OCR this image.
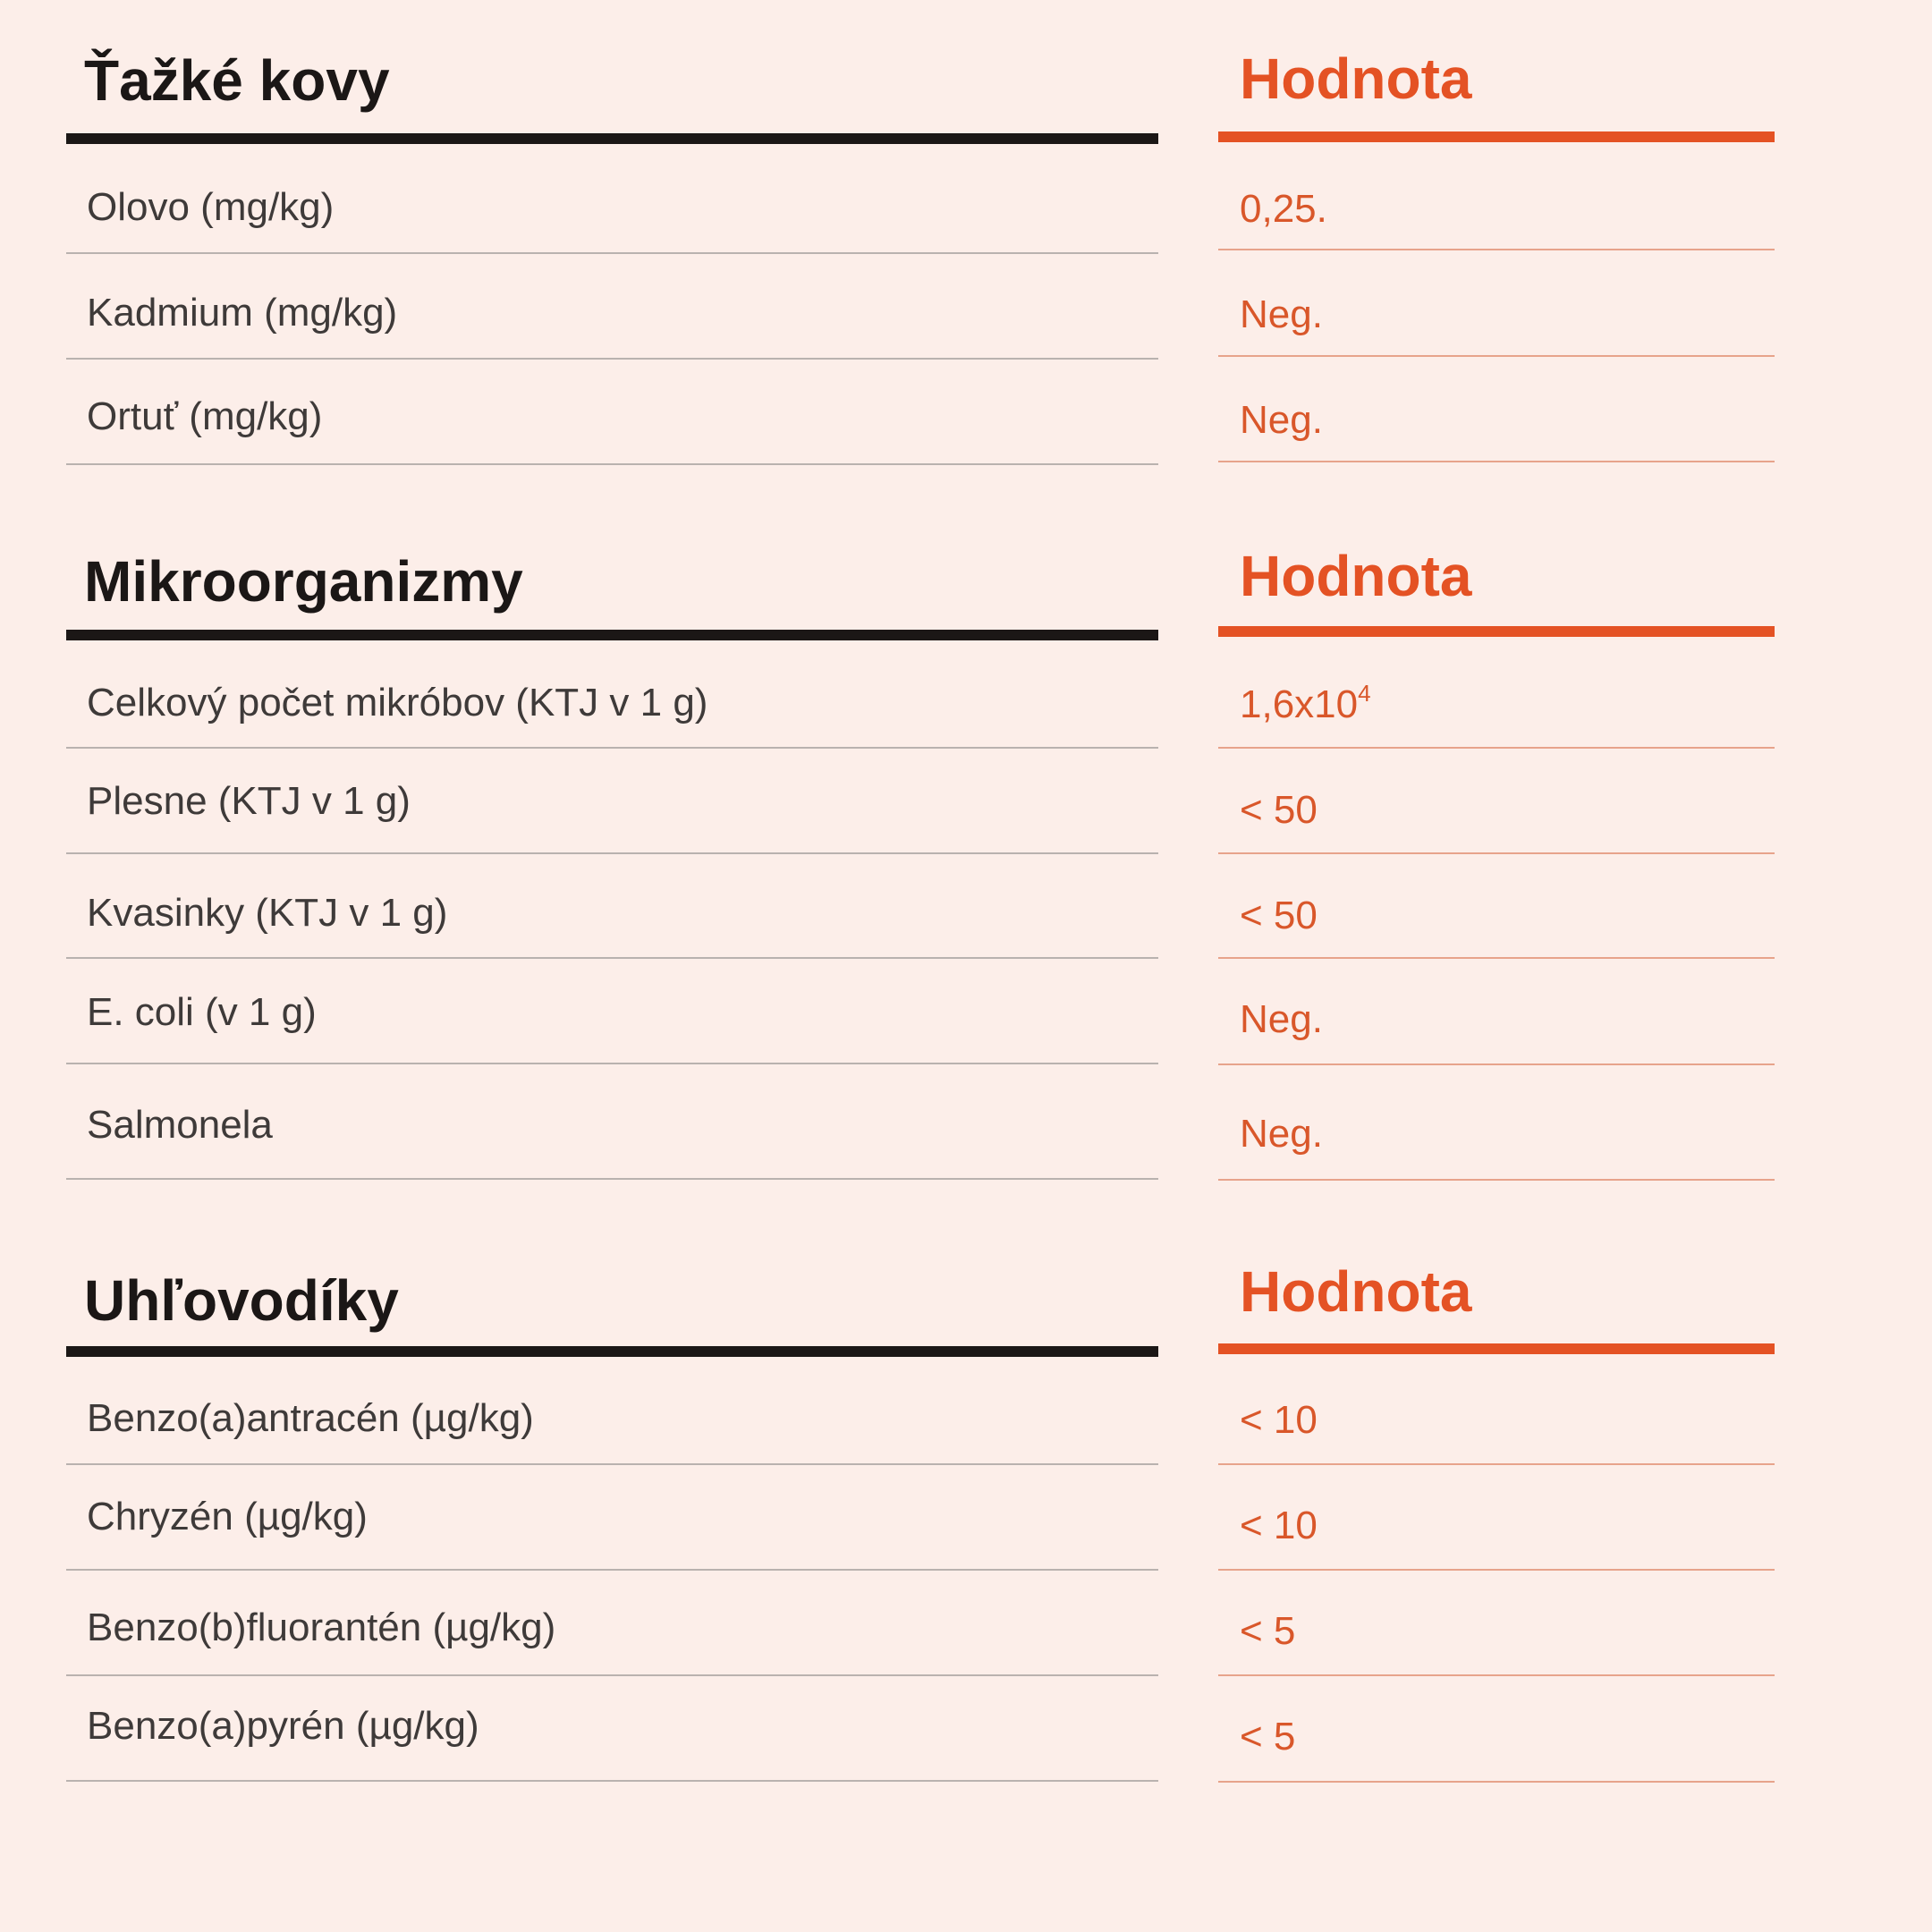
Ťažké kovy
Olovo (mg/kg)
Kadmium (mg/kg)
Ortuť (mg/kg)
Hodnota
0,25.
Neg.
Neg.
Mikroorganizmy
Celkový počet mikróbov (KTJ v 1 g)
Plesne (KTJ v 1 g)
Kvasinky (KTJ v 1 g)
E. coli (v 1 g)
Salmonela
Hodnota
$1,6x10^4$
< 50
< 50
Neg.
Neg.
Uhľovodíky
Benzo(a)antracén (µg/kg)
Chryzén (µg/kg)
Benzo(b)fluorantén (µg/kg)
Benzo(a)pyrén (µg/kg)
Hodnota
< 10
< 10
< 5
< 5
